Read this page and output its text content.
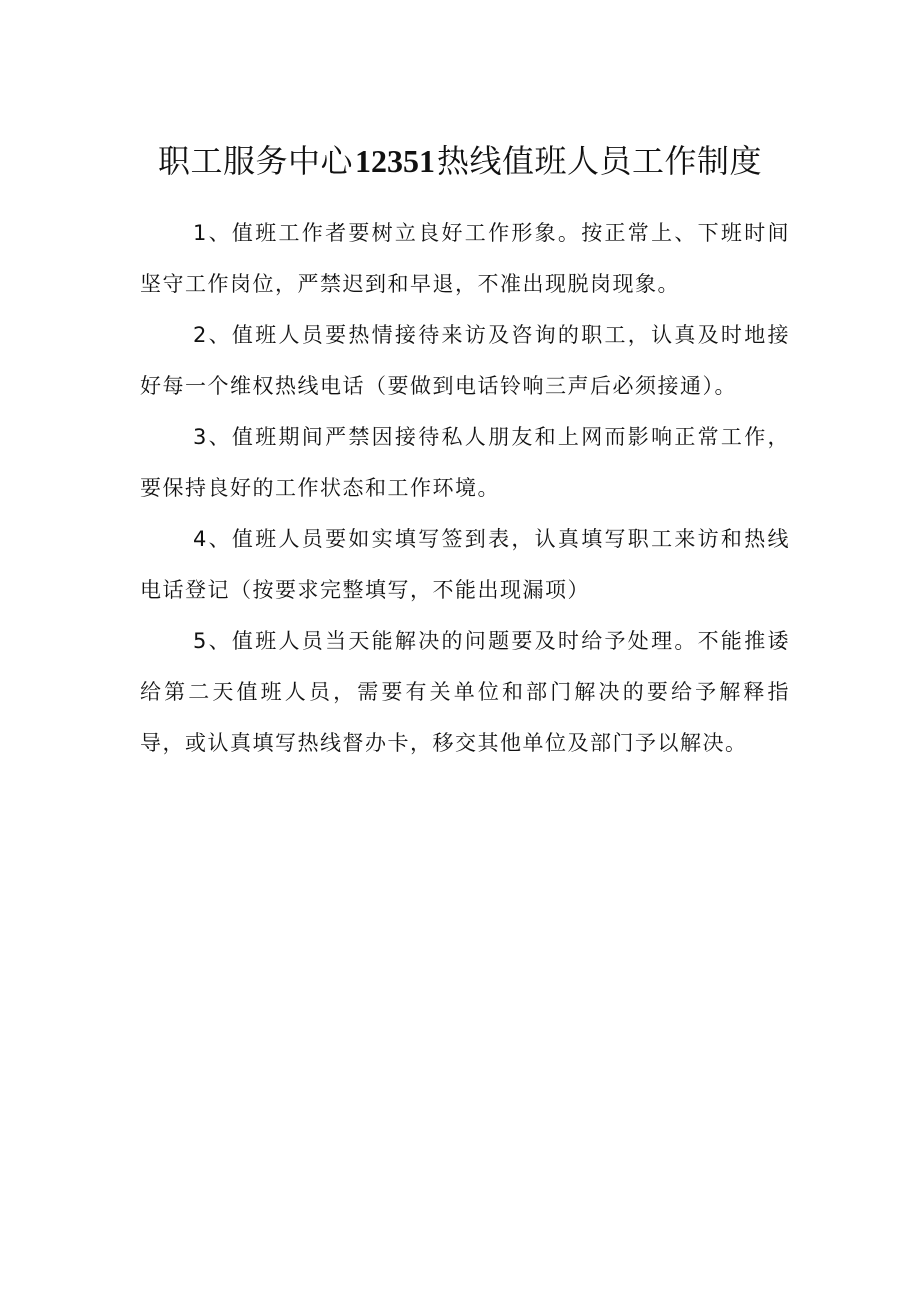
职工服务中心12351热线值班人员工作制度

1、值班工作者要树立良好工作形象。按正常上、下班时间坚守工作岗位，严禁迟到和早退，不准出现脱岗现象。

2、值班人员要热情接待来访及咨询的职工，认真及时地接好每一个维权热线电话（要做到电话铃响三声后必须接通）。

3、值班期间严禁因接待私人朋友和上网而影响正常工作，要保持良好的工作状态和工作环境。

4、值班人员要如实填写签到表，认真填写职工来访和热线电话登记（按要求完整填写，不能出现漏项）

5、值班人员当天能解决的问题要及时给予处理。不能推诿给第二天值班人员，需要有关单位和部门解决的要给予解释指导，或认真填写热线督办卡，移交其他单位及部门予以解决。
